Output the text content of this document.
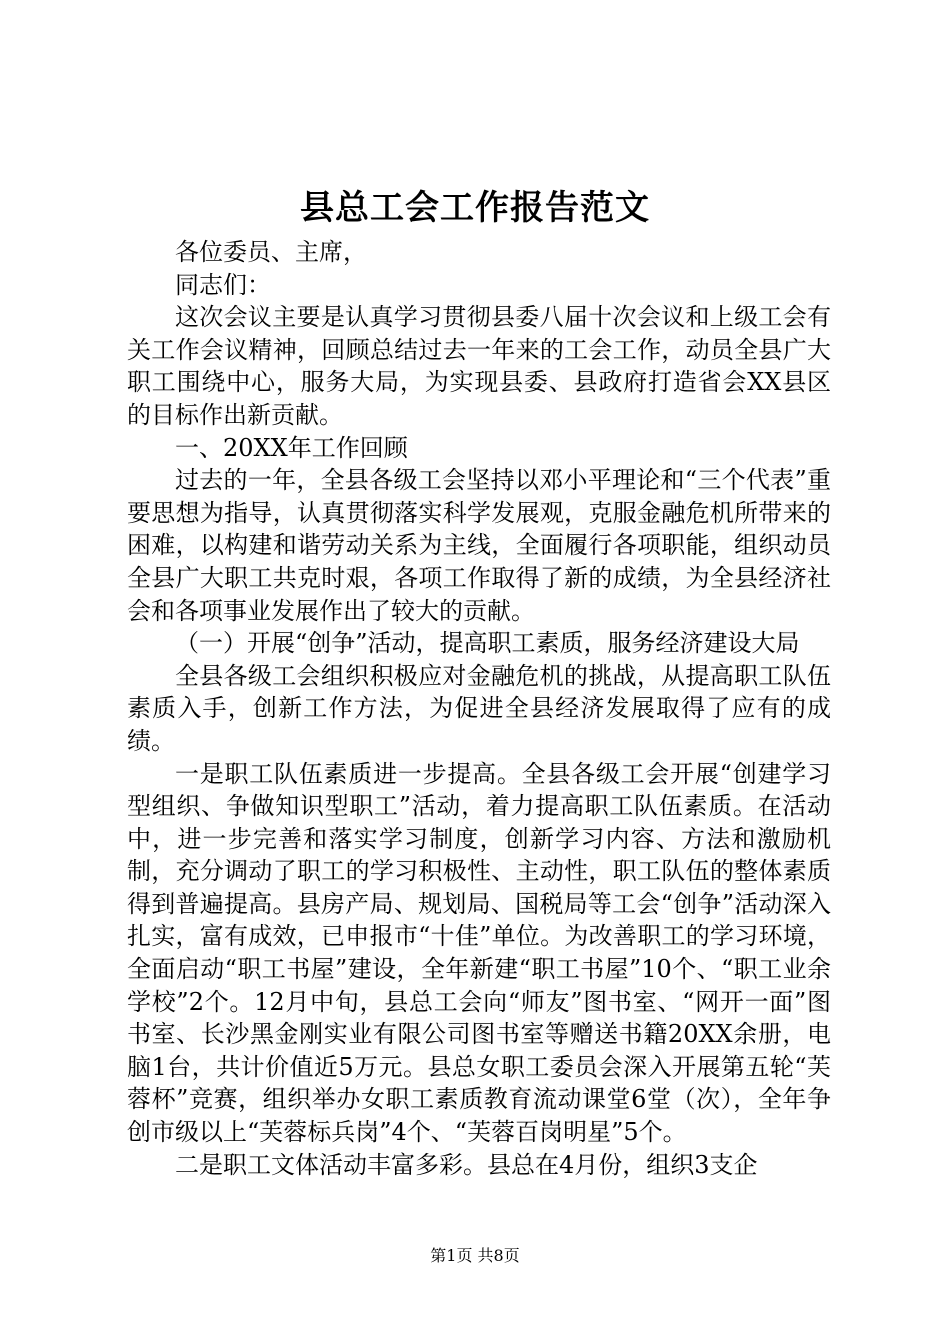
县总工会工作报告范文

各位委员、主席，

同志们：

这次会议主要是认真学习贯彻县委八届十次会议和上级工会有关工作会议精神，回顾总结过去一年来的工会工作，动员全县广大职工围绕中心，服务大局，为实现县委、县政府打造省会XX县区的目标作出新贡献。

一、20XX年工作回顾

过去的一年，全县各级工会坚持以邓小平理论和“三个代表”重要思想为指导，认真贯彻落实科学发展观，克服金融危机所带来的困难，以构建和谐劳动关系为主线，全面履行各项职能，组织动员全县广大职工共克时艰，各项工作取得了新的成绩，为全县经济社会和各项事业发展作出了较大的贡献。

（一）开展“创争”活动，提高职工素质，服务经济建设大局

全县各级工会组织积极应对金融危机的挑战，从提高职工队伍素质入手，创新工作方法，为促进全县经济发展取得了应有的成绩。

一是职工队伍素质进一步提高。全县各级工会开展“创建学习型组织、争做知识型职工”活动，着力提高职工队伍素质。在活动中，进一步完善和落实学习制度，创新学习内容、方法和激励机制，充分调动了职工的学习积极性、主动性，职工队伍的整体素质得到普遍提高。县房产局、规划局、国税局等工会“创争”活动深入扎实，富有成效，已申报市“十佳”单位。为改善职工的学习环境，全面启动“职工书屋”建设，全年新建“职工书屋”10个、“职工业余学校”2个。12月中旬，县总工会向“师友”图书室、“网开一面”图书室、长沙黑金刚实业有限公司图书室等赠送书籍20XX余册，电脑1台，共计价值近5万元。县总女职工委员会深入开展第五轮“芙蓉杯”竞赛，组织举办女职工素质教育流动课堂6堂（次），全年争创市级以上“芙蓉标兵岗”4个、“芙蓉百岗明星”5个。

二是职工文体活动丰富多彩。县总在4月份，组织3支企

第1页 共8页
